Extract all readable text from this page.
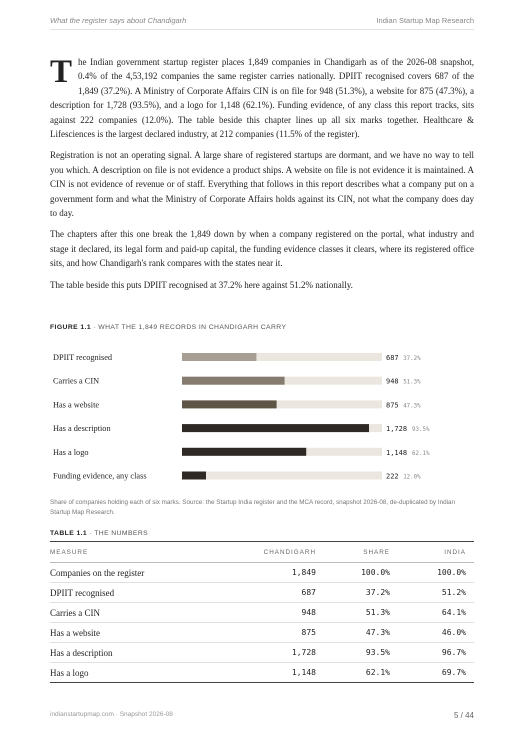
What the register says about Chandigarh	Indian Startup Map Research

The Indian government startup register places 1,849 companies in Chandigarh as of the 2026-08 snapshot, 0.4% of the 4,53,192 companies the same register carries nationally. DPIIT recognised covers 687 of the 1,849 (37.2%). A Ministry of Corporate Affairs CIN is on file for 948 (51.3%), a website for 875 (47.3%), a description for 1,728 (93.5%), and a logo for 1,148 (62.1%). Funding evidence, of any class this report tracks, sits against 222 companies (12.0%). The table beside this chapter lines up all six marks together. Healthcare & Lifesciences is the largest declared industry, at 212 companies (11.5% of the register).

Registration is not an operating signal. A large share of registered startups are dormant, and we have no way to tell you which. A description on file is not evidence a product ships. A website on file is not evidence it is maintained. A CIN is not evidence of revenue or of staff. Everything that follows in this report describes what a company put on a government form and what the Ministry of Corporate Affairs holds against its CIN, not what the company does day to day.

The chapters after this one break the 1,849 down by when a company registered on the portal, what industry and stage it declared, its legal form and paid-up capital, the funding evidence classes it clears, where its registered office sits, and how Chandigarh's rank compares with the states near it.

The table beside this puts DPIIT recognised at 37.2% here against 51.2% nationally.

FIGURE 1.1 · WHAT THE 1,849 RECORDS IN CHANDIGARH CARRY
DPIIT recognised	687 37.2%
Carries a CIN	948 51.3%
Has a website	875 47.3%
Has a description	1,728 93.5%
Has a logo	1,148 62.1%
Funding evidence, any class	222 12.0%
Share of companies holding each of six marks. Source: the Startup India register and the MCA record, snapshot 2026-08, de-duplicated by Indian Startup Map Research.
TABLE 1.1 · THE NUMBERS
MEASURE	CHANDIGARH	SHARE	INDIA
Companies on the register	1,849	100.0%	100.0%
DPIIT recognised	687	37.2%	51.2%
Carries a CIN	948	51.3%	64.1%
Has a website	875	47.3%	46.0%
Has a description	1,728	93.5%	96.7%
Has a logo	1,148	62.1%	69.7%
indianstartupmap.com · Snapshot 2026-08	5 / 44
